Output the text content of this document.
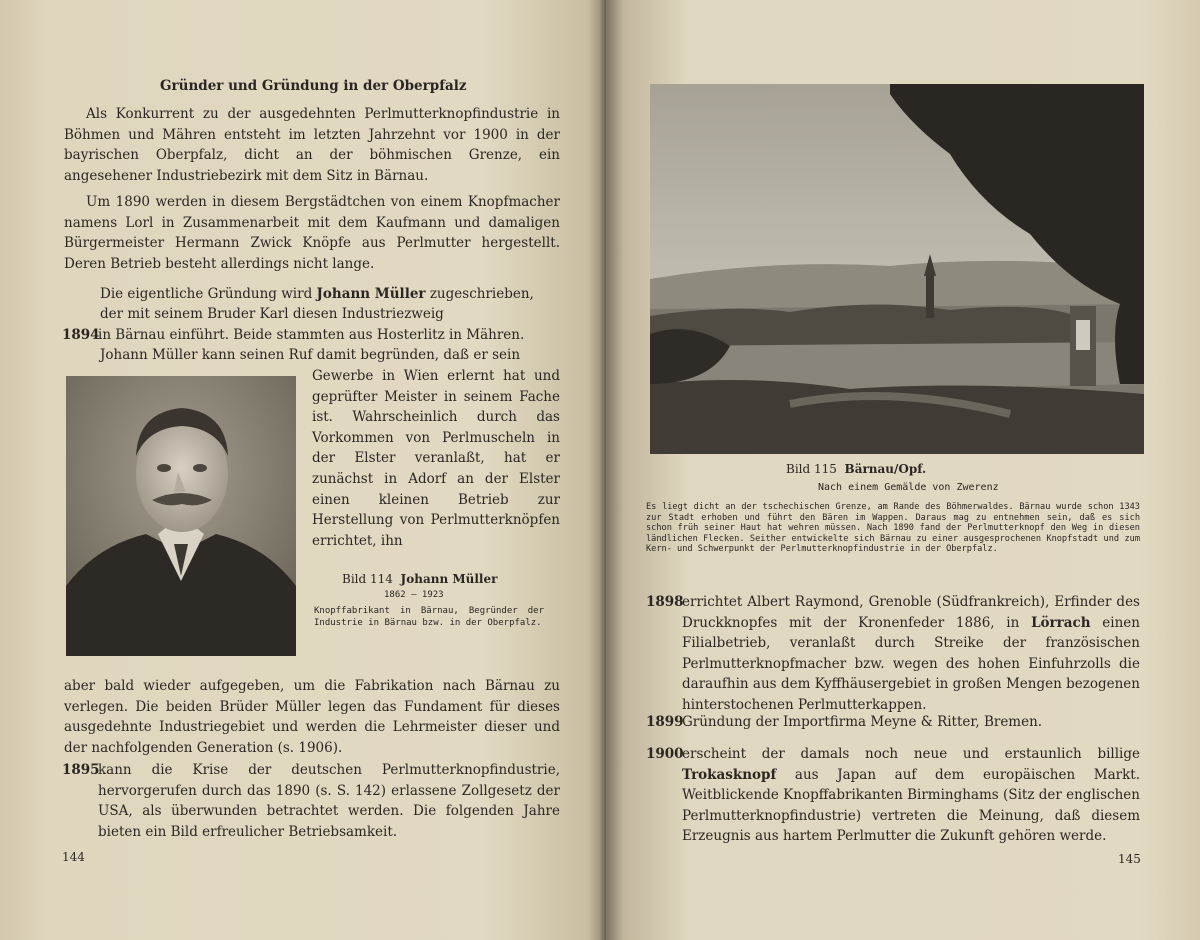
Gründer und Gründung in der Oberpfalz

Als Konkurrent zu der ausgedehnten Perlmutterknopfindustrie in Böhmen und Mähren entsteht im letzten Jahrzehnt vor 1900 in der bayrischen Oberpfalz, dicht an der böhmischen Grenze, ein angesehener Industriebezirk mit dem Sitz in Bärnau.

Um 1890 werden in diesem Bergstädtchen von einem Knopfmacher namens Lorl in Zusammenarbeit mit dem Kaufmann und damaligen Bürgermeister Hermann Zwick Knöpfe aus Perlmutter hergestellt. Deren Betrieb besteht allerdings nicht lange.

Die eigentliche Gründung wird Johann Müller zugeschrieben,

der mit seinem Bruder Karl diesen Industriezweig

1894
in Bärnau einführt. Beide stammten aus Hosterlitz in Mähren.

Johann Müller kann seinen Ruf damit begründen, daß er sein

Gewerbe in Wien erlernt hat und geprüfter Meister in seinem Fache ist. Wahrscheinlich durch das Vorkommen von Perlmuscheln in der Elster veranlaßt, hat er zunächst in Adorf an der Elster einen kleinen Betrieb zur Herstellung von Perlmutterknöpfen errichtet, ihn

Bild 114 Johann Müller
1862 — 1923

Knopffabrikant in Bärnau, Begründer der Industrie in Bärnau bzw. in der Oberpfalz.

aber bald wieder aufgegeben, um die Fabrikation nach Bärnau zu verlegen. Die beiden Brüder Müller legen das Fundament für dieses ausgedehnte Industriegebiet und werden die Lehrmeister dieser und der nachfolgenden Generation (s. 1906).

1895
kann die Krise der deutschen Perlmutterknopfindustrie, hervorgerufen durch das 1890 (s. S. 142) erlassene Zollgesetz der USA, als überwunden betrachtet werden. Die folgenden Jahre bieten ein Bild erfreulicher Betriebsamkeit.
144
Bild 115 Bärnau/Opf.
Nach einem Gemälde von Zwerenz

Es liegt dicht an der tschechischen Grenze, am Rande des Böhmerwaldes. Bärnau wurde schon 1343 zur Stadt erhoben und führt den Bären im Wappen. Daraus mag zu entnehmen sein, daß es sich schon früh seiner Haut hat wehren müssen. Nach 1890 fand der Perlmutterknopf den Weg in diesen ländlichen Flecken. Seither entwickelte sich Bärnau zu einer ausgesprochenen Knopfstadt und zum Kern- und Schwerpunkt der Perlmutterknopfindustrie in der Oberpfalz.

1898
errichtet Albert Raymond, Grenoble (Südfrankreich), Erfinder des Druckknopfes mit der Kronenfeder 1886, in Lörrach einen Filialbetrieb, veranlaßt durch Streike der französischen Perlmutterknopfmacher bzw. wegen des hohen Einfuhrzolls die daraufhin aus dem Kyffhäusergebiet in großen Mengen bezogenen hinterstochenen Perlmutterkappen.
1899
Gründung der Importfirma Meyne & Ritter, Bremen.
1900
erscheint der damals noch neue und erstaunlich billige Trokasknopf aus Japan auf dem europäischen Markt. Weitblickende Knopffabrikanten Birminghams (Sitz der englischen Perlmutterknopfindustrie) vertreten die Meinung, daß diesem Erzeugnis aus hartem Perlmutter die Zukunft gehören werde.
145
